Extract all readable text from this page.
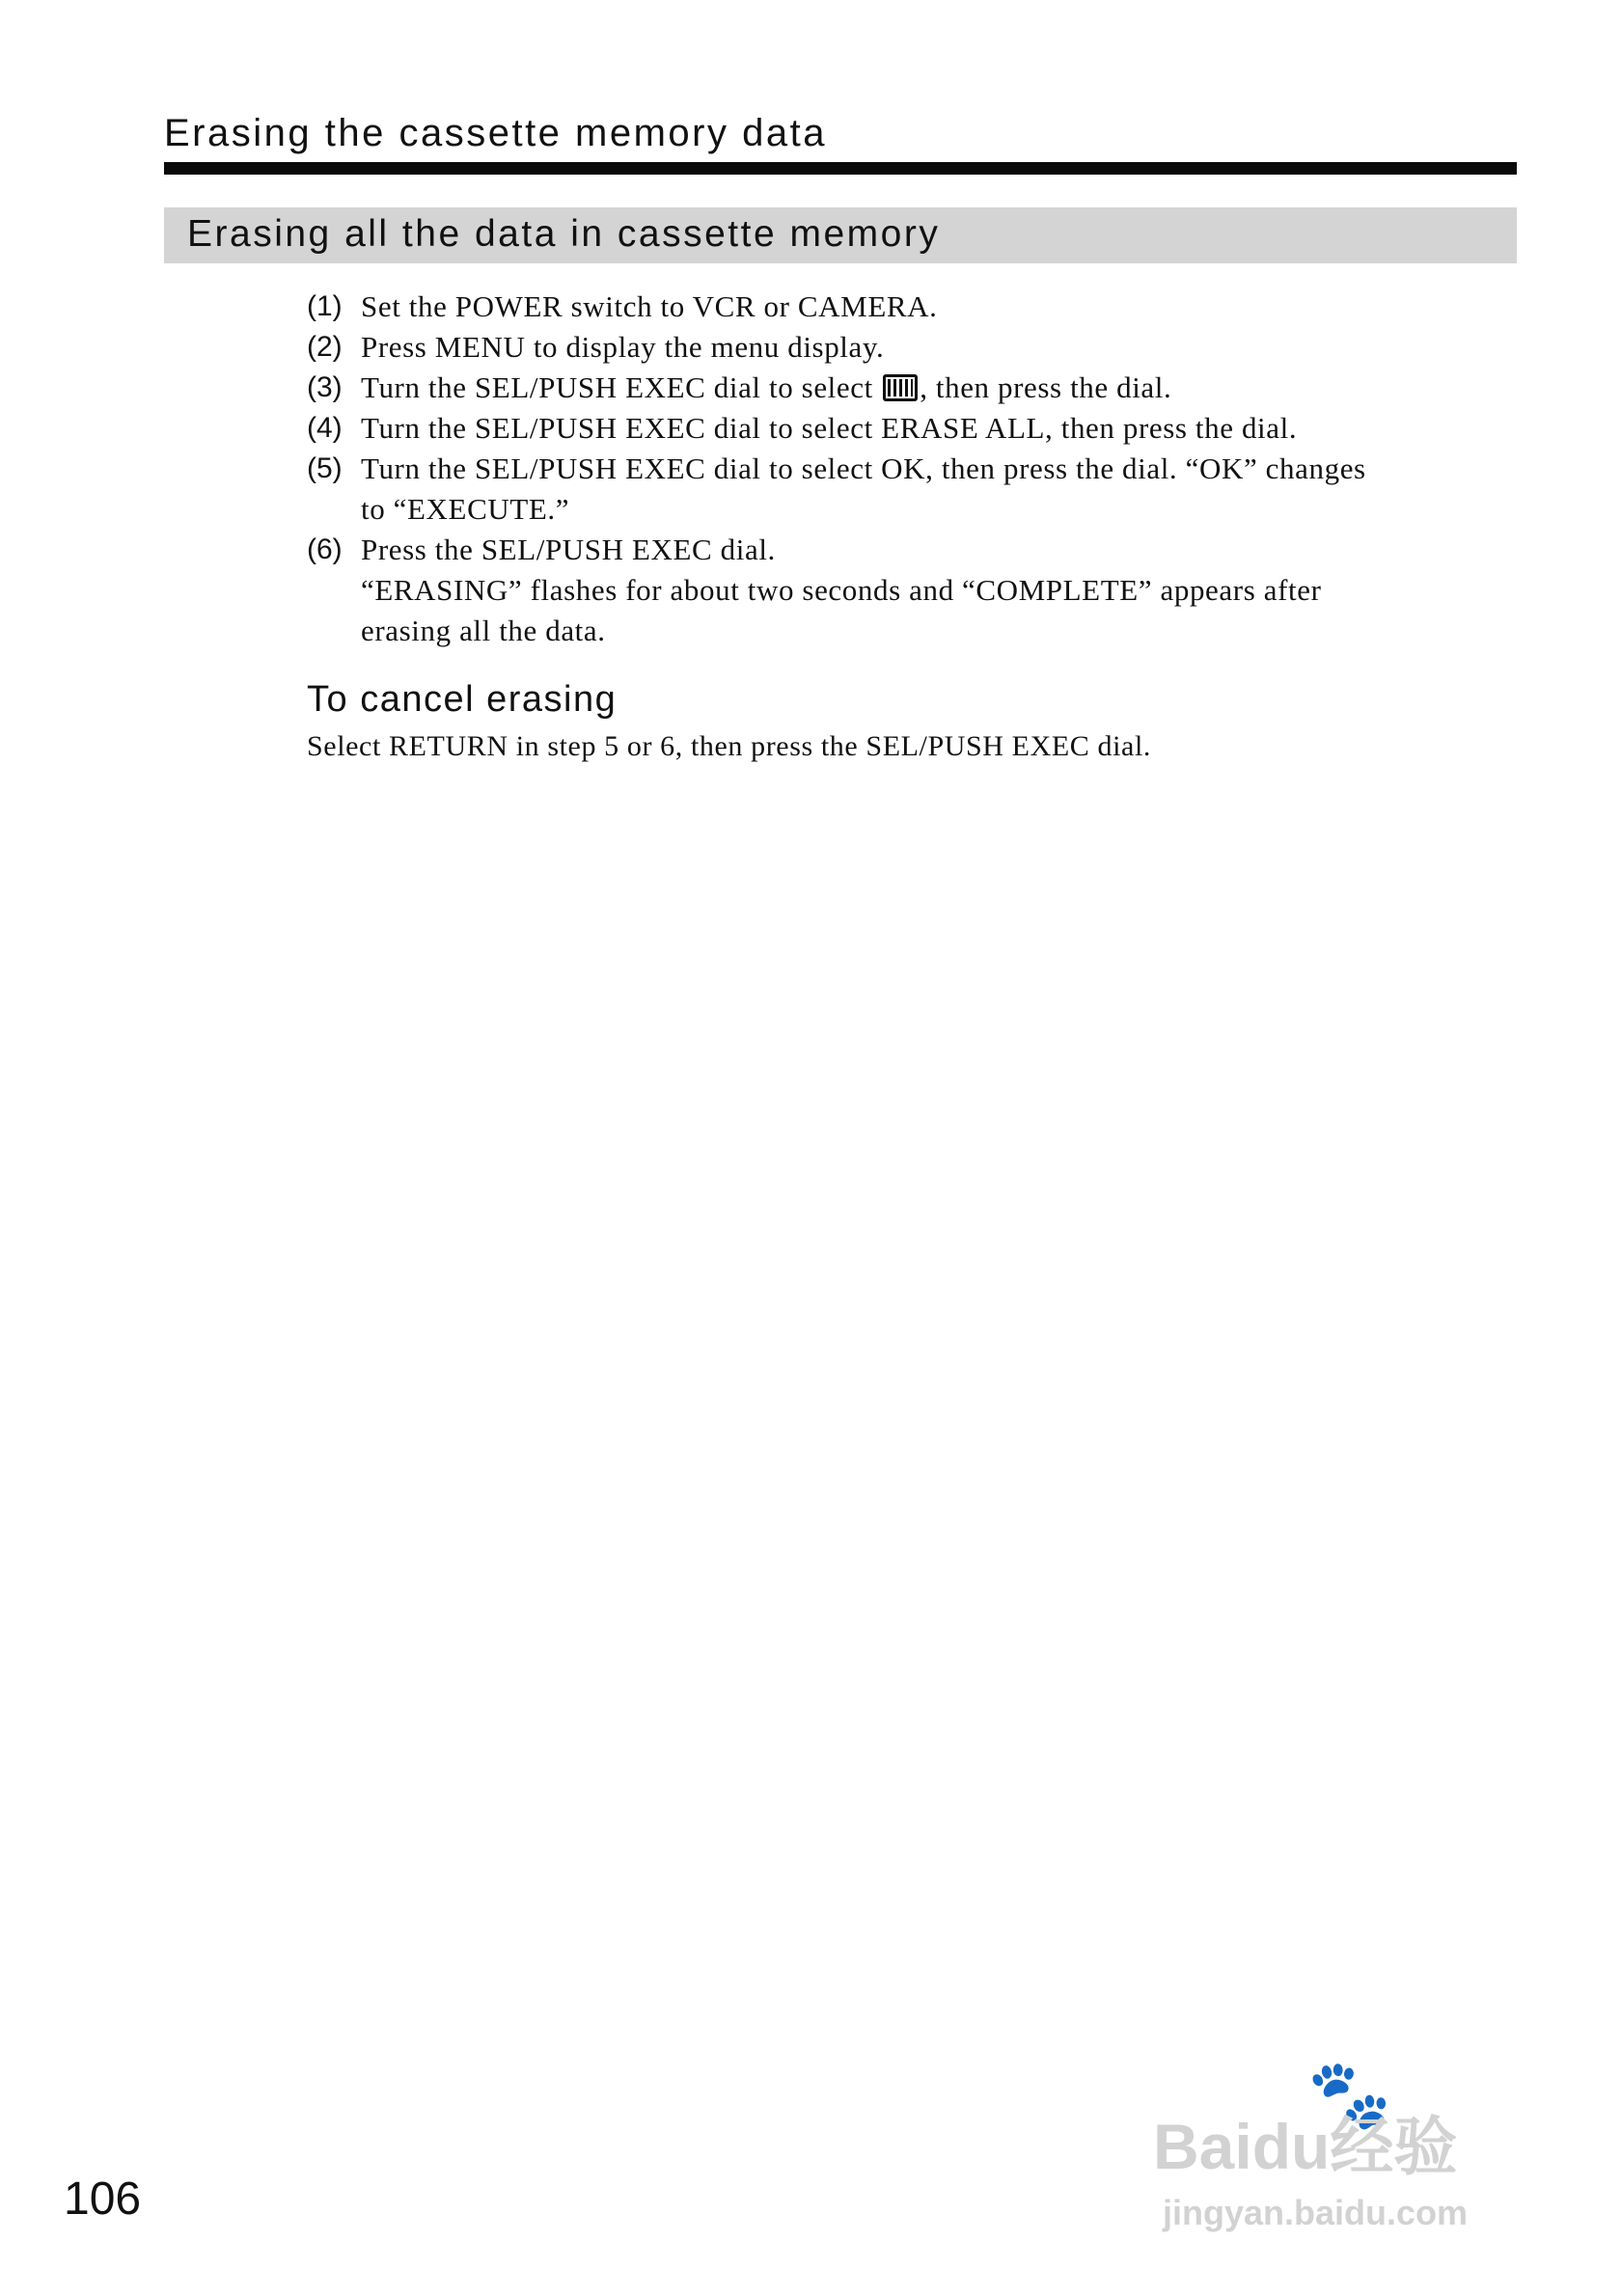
Erasing the cassette memory data
Erasing all the data in cassette memory
(1) Set the POWER switch to VCR or CAMERA.
(2) Press MENU to display the menu display.
(3) Turn the SEL/PUSH EXEC dial to select , then press the dial.
(4) Turn the SEL/PUSH EXEC dial to select ERASE ALL, then press the dial.
(5) Turn the SEL/PUSH EXEC dial to select OK, then press the dial. “OK” changes
to “EXECUTE.”
(6) Press the SEL/PUSH EXEC dial.
“ERASING” flashes for about two seconds and “COMPLETE” appears after
erasing all the data.
To cancel erasing
Select RETURN in step 5 or 6, then press the SEL/PUSH EXEC dial.
106
🐾
Baidu经验
jingyan.baidu.com
